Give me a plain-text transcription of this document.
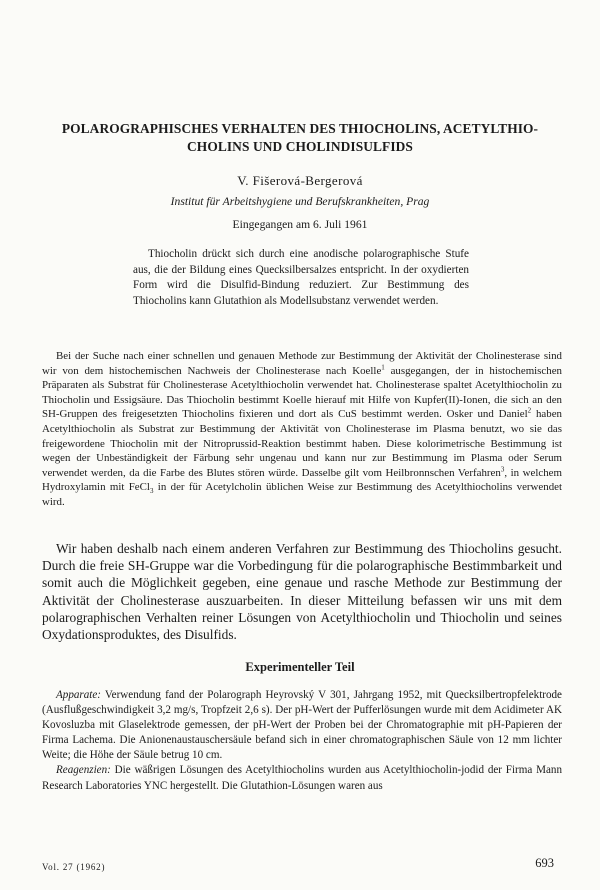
POLAROGRAPHISCHES VERHALTEN DES THIOCHOLINS, ACETYLTHIO-
CHOLINS UND CHOLINDISULFIDS
V. Fišerová-Bergerová
Institut für Arbeitshygiene und Berufskrankheiten, Prag
Eingegangen am 6. Juli 1961

Thiocholin drückt sich durch eine anodische polarographische Stufe aus, die der Bildung eines Quecksilbersalzes entspricht. In der oxydierten Form wird die Disulfid-Bindung reduziert. Zur Bestimmung des Thiocholins kann Glutathion als Modellsubstanz verwendet werden.

Bei der Suche nach einer schnellen und genauen Methode zur Bestimmung der Aktivität der Cholinesterase sind wir von dem histochemischen Nachweis der Cholinesterase nach Koelle$^1$ ausgegangen, der in histochemischen Präparaten als Substrat für Cholinesterase Acetylthiocholin verwendet hat. Cholinesterase spaltet Acetylthiocholin zu Thiocholin und Essigsäure. Das Thiocholin bestimmt Koelle hierauf mit Hilfe von Kupfer(II)-Ionen, die sich an den SH-Gruppen des freigesetzten Thiocholins fixieren und dort als CuS bestimmt werden. Osker und Daniel$^2$ haben Acetylthiocholin als Substrat zur Bestimmung der Aktivität von Cholinesterase im Plasma benutzt, wo sie das freigewordene Thiocholin mit der Nitroprussid-Reaktion bestimmt haben. Diese kolorimetrische Bestimmung ist wegen der Unbeständigkeit der Färbung sehr ungenau und kann nur zur Bestimmung im Plasma oder Serum verwendet werden, da die Farbe des Blutes stören würde. Dasselbe gilt vom Heilbronnschen Verfahren$^3$, in welchem Hydroxylamin mit FeCl$_3$ in der für Acetylcholin üblichen Weise zur Bestimmung des Acetylthiocholins verwendet wird.

Wir haben deshalb nach einem anderen Verfahren zur Bestimmung des Thiocholins gesucht. Durch die freie SH-Gruppe war die Vorbedingung für die polarographische Bestimmbarkeit und somit auch die Möglichkeit gegeben, eine genaue und rasche Methode zur Bestimmung der Aktivität der Cholinesterase auszuarbeiten. In dieser Mitteilung befassen wir uns mit dem polarographischen Verhalten reiner Lösungen von Acetylthiocholin und Thiocholin und seines Oxydationsproduktes, des Disulfids.

Experimenteller Teil

Apparate: Verwendung fand der Polarograph Heyrovský V 301, Jahrgang 1952, mit Quecksilbertropfelektrode (Ausflußgeschwindigkeit 3,2 mg/s, Tropfzeit 2,6 s). Der pH-Wert der Pufferlösungen wurde mit dem Acidimeter AK Kovosluzba mit Glaselektrode gemessen, der pH-Wert der Proben bei der Chromatographie mit pH-Papieren der Firma Lachema. Die Anionenaustauschersäule befand sich in einer chromatographischen Säule von 12 mm lichter Weite; die Höhe der Säule betrug 10 cm.

Reagenzien: Die wäßrigen Lösungen des Acetylthiocholins wurden aus Acetylthiocholin-jodid der Firma Mann Research Laboratories YNC hergestellt. Die Glutathion-Lösungen waren aus

Vol. 27 (1962)	693
